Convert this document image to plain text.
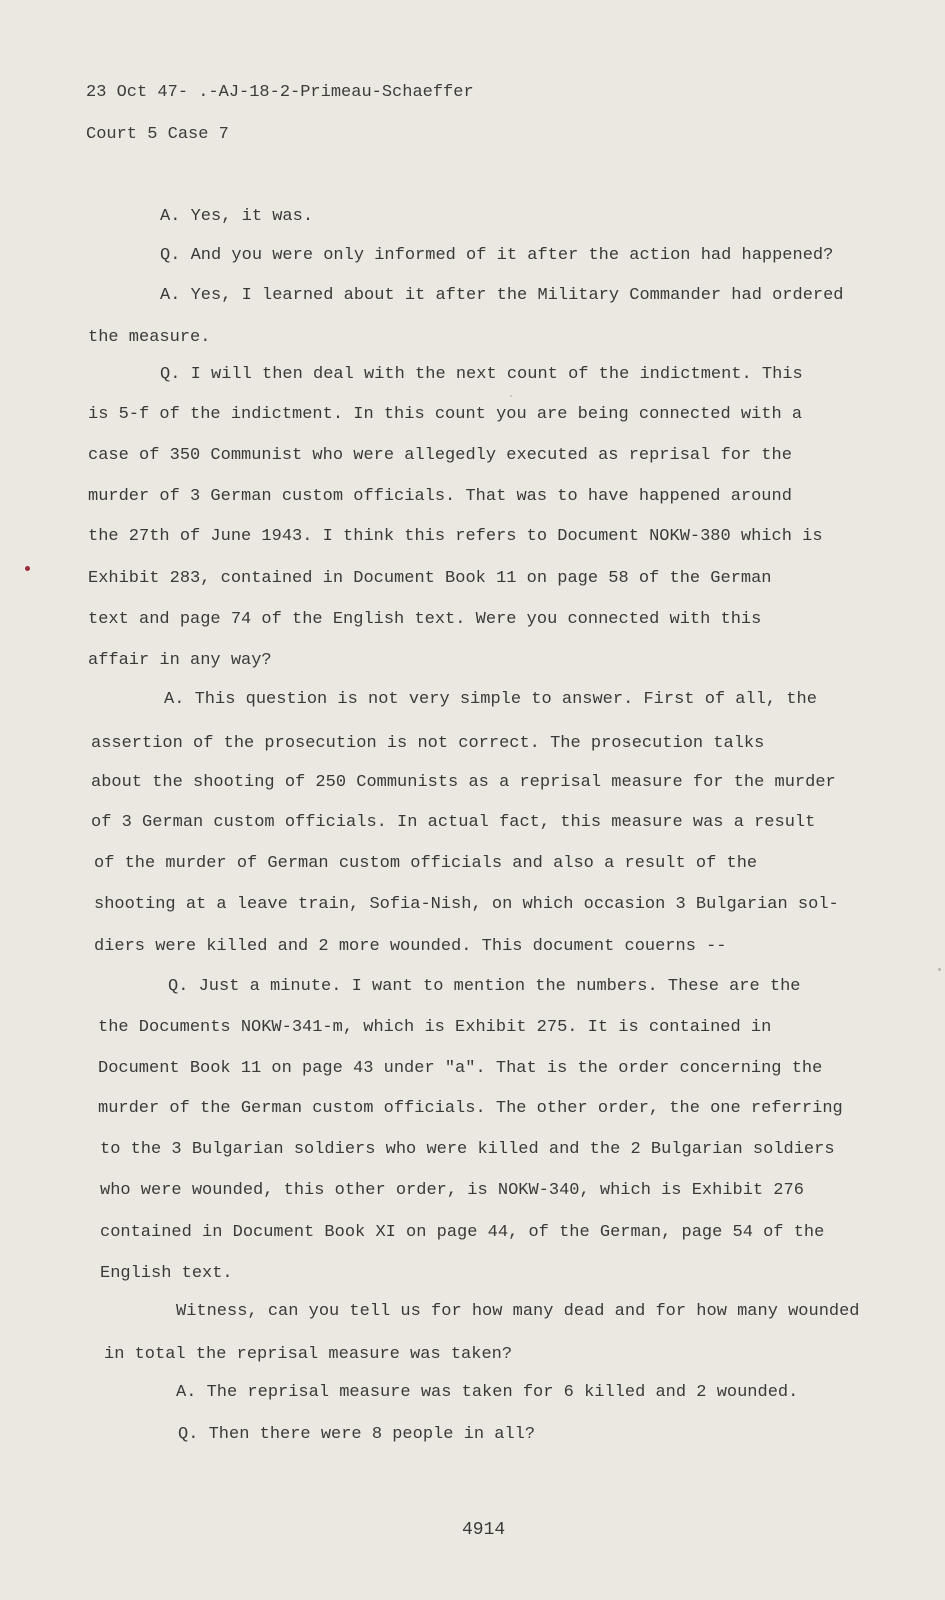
23 Oct 47- .-AJ-18-2-Primeau-Schaeffer
Court 5 Case 7
A. Yes, it was.
Q. And you were only informed of it after the action had happened?
A. Yes, I learned about it after the Military Commander had ordered
the measure.
Q. I will then deal with the next count of the indictment. This
is 5-f of the indictment. In this count you are being connected with a
case of 350 Communist who were allegedly executed as reprisal for the
murder of 3 German custom officials. That was to have happened around
the 27th of June 1943. I think this refers to Document NOKW-380 which is
Exhibit 283, contained in Document Book 11 on page 58 of the German
text and page 74 of the English text. Were you connected with this
affair in any way?
A. This question is not very simple to answer. First of all, the
assertion of the prosecution is not correct. The prosecution talks
about the shooting of 250 Communists as a reprisal measure for the murder
of 3 German custom officials. In actual fact, this measure was a result
of the murder of German custom officials and also a result of the
shooting at a leave train, Sofia-Nish, on which occasion 3 Bulgarian sol-
diers were killed and 2 more wounded. This document couerns --
Q. Just a minute. I want to mention the numbers. These are the
the Documents NOKW-341-m, which is Exhibit 275. It is contained in
Document Book 11 on page 43 under "a". That is the order concerning the
murder of the German custom officials. The other order, the one referring
to the 3 Bulgarian soldiers who were killed and the 2 Bulgarian soldiers
who were wounded, this other order, is NOKW-340, which is Exhibit 276
contained in Document Book XI on page 44, of the German, page 54 of the
English text.
Witness, can you tell us for how many dead and for how many wounded
in total the reprisal measure was taken?
A. The reprisal measure was taken for 6 killed and 2 wounded.
Q. Then there were 8 people in all?
4914
